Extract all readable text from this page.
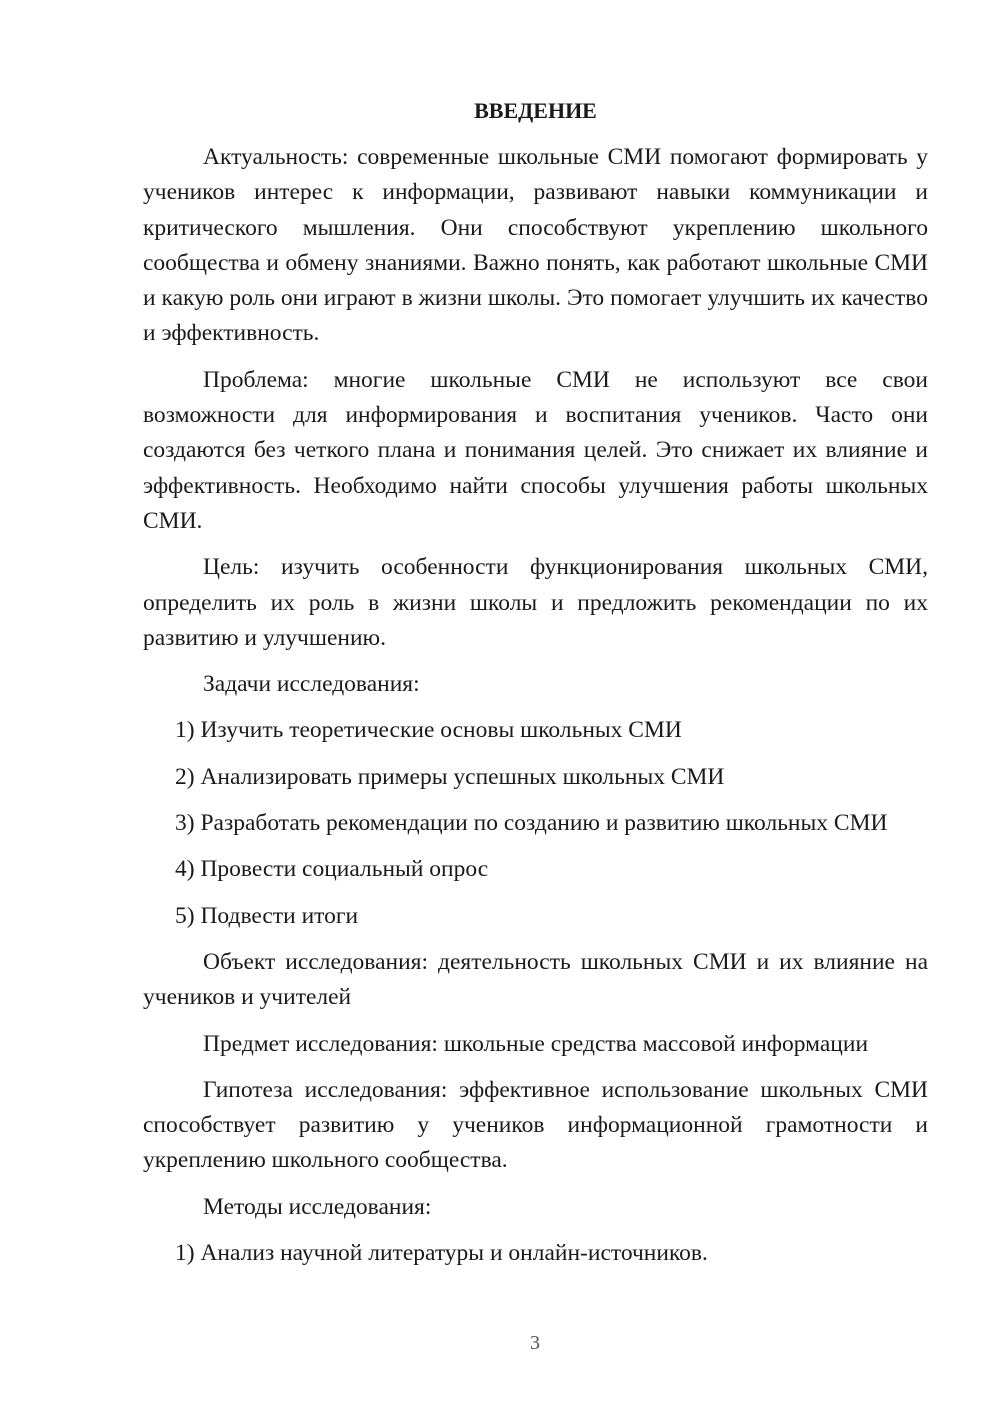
ВВЕДЕНИЕ

Актуальность: современные школьные СМИ помогают формировать у учеников интерес к информации, развивают навыки коммуникации и критического мышления. Они способствуют укреплению школьного сообщества и обмену знаниями. Важно понять, как работают школьные СМИ и какую роль они играют в жизни школы. Это помогает улучшить их качество и эффективность.

Проблема: многие школьные СМИ не используют все свои возможности для информирования и воспитания учеников. Часто они создаются без четкого плана и понимания целей. Это снижает их влияние и эффективность. Необходимо найти способы улучшения работы школьных СМИ.

Цель: изучить особенности функционирования школьных СМИ, определить их роль в жизни школы и предложить рекомендации по их развитию и улучшению.

Задачи исследования:

1) Изучить теоретические основы школьных СМИ

2) Анализировать примеры успешных школьных СМИ

3) Разработать рекомендации по созданию и развитию школьных СМИ

4) Провести социальный опрос

5) Подвести итоги

Объект исследования: деятельность школьных СМИ и их влияние на учеников и учителей

Предмет исследования: школьные средства массовой информации

Гипотеза исследования: эффективное использование школьных СМИ способствует развитию у учеников информационной грамотности и укреплению школьного сообщества.

Методы исследования:

1) Анализ научной литературы и онлайн-источников.

3
